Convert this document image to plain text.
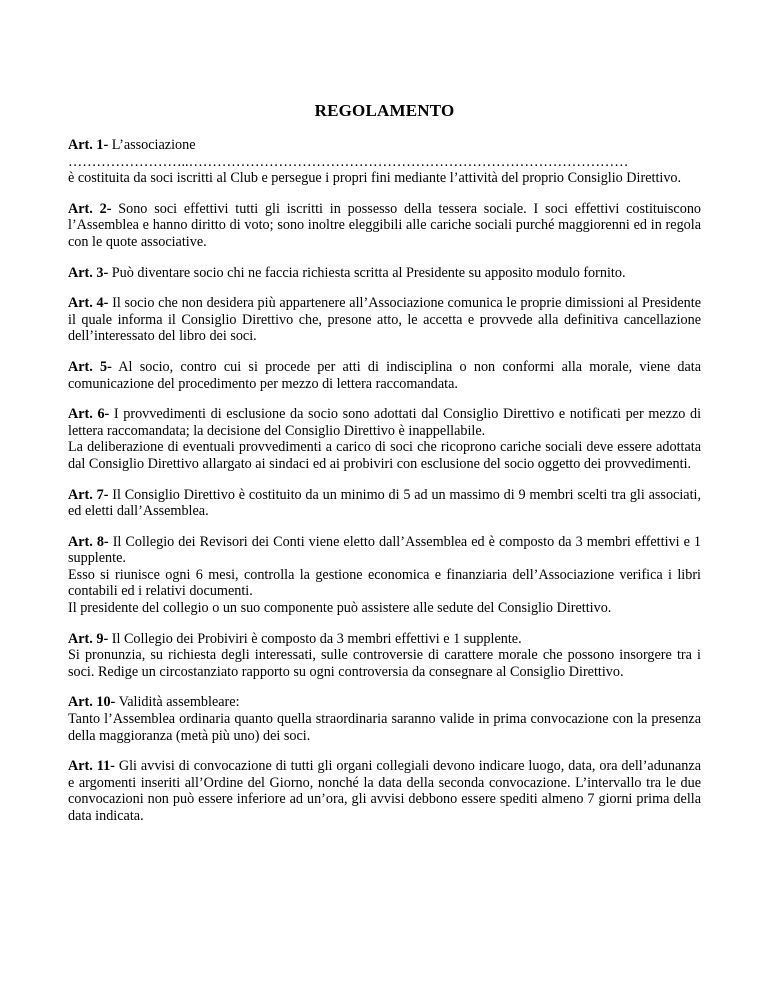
REGOLAMENTO

Art. 1- L’associazione

……………………..…………………………………………………………………………………

è costituita da soci iscritti al Club e persegue i propri fini mediante l’attività del proprio Consiglio Direttivo.

Art. 2- Sono soci effettivi tutti gli iscritti in possesso della tessera sociale. I soci effettivi costituiscono l’Assemblea e hanno diritto di voto; sono inoltre eleggibili alle cariche sociali purché maggiorenni ed in regola con le quote associative.

Art. 3- Può diventare socio chi ne faccia richiesta scritta al Presidente su apposito modulo fornito.

Art. 4- Il socio che non desidera più appartenere all’Associazione comunica le proprie dimissioni al Presidente il quale informa il Consiglio Direttivo che, presone atto, le accetta e provvede alla definitiva cancellazione dell’interessato del libro dei soci.

Art. 5- Al socio, contro cui si procede per atti di indisciplina o non conformi alla morale, viene data comunicazione del procedimento per mezzo di lettera raccomandata.

Art. 6- I provvedimenti di esclusione da socio sono adottati dal Consiglio Direttivo e notificati per mezzo di lettera raccomandata; la decisione del Consiglio Direttivo è inappellabile.

La deliberazione di eventuali provvedimenti a carico di soci che ricoprono cariche sociali deve essere adottata dal Consiglio Direttivo allargato ai sindaci ed ai probiviri con esclusione del socio oggetto dei provvedimenti.

Art. 7- Il Consiglio Direttivo è costituito da un minimo di 5 ad un massimo di 9 membri scelti tra gli associati, ed eletti dall’Assemblea.

Art. 8- Il Collegio dei Revisori dei Conti viene eletto dall’Assemblea ed è composto da 3 membri effettivi e 1 supplente.

Esso si riunisce ogni 6 mesi, controlla la gestione economica e finanziaria dell’Associazione verifica i libri contabili ed i relativi documenti.

Il presidente del collegio o un suo componente può assistere alle sedute del Consiglio Direttivo.

Art. 9- Il Collegio dei Probiviri è composto da 3 membri effettivi e 1 supplente.

Si pronunzia, su richiesta degli interessati, sulle controversie di carattere morale che possono insorgere tra i soci. Redige un circostanziato rapporto su ogni controversia da consegnare al Consiglio Direttivo.

Art. 10- Validità assembleare:

Tanto l’Assemblea ordinaria quanto quella straordinaria saranno valide in prima convocazione con la presenza della maggioranza (metà più uno) dei soci.

Art. 11- Gli avvisi di convocazione di tutti gli organi collegiali devono indicare luogo, data, ora dell’adunanza e argomenti inseriti all’Ordine del Giorno, nonché la data della seconda convocazione. L’intervallo tra le due convocazioni non può essere inferiore ad un’ora, gli avvisi debbono essere spediti almeno 7 giorni prima della data indicata.
